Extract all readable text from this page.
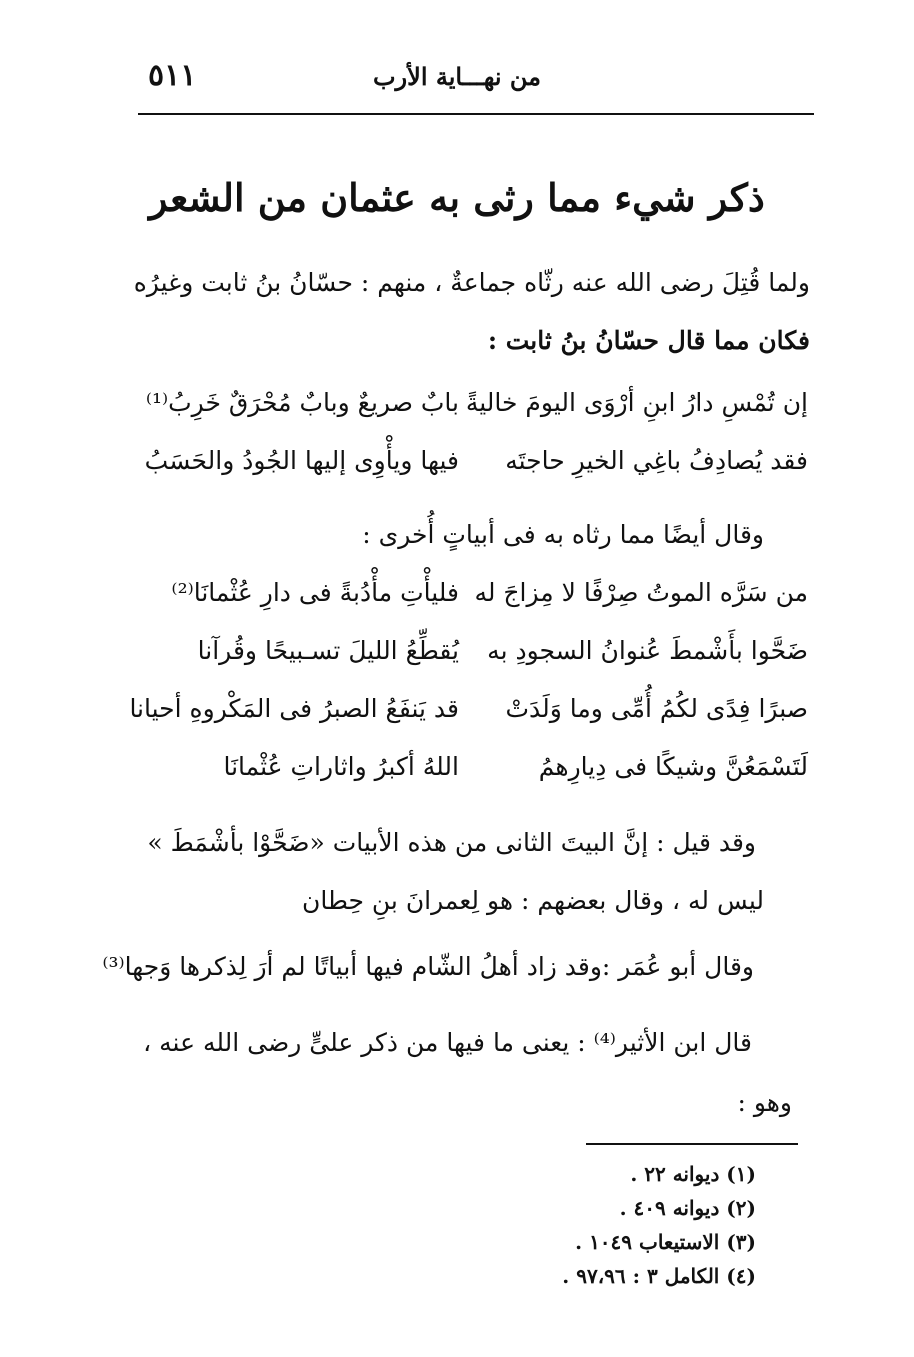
٥١١	من نهـــاية الأرب
ذكر شيء مما رثى به عثمان من الشعر
ولما قُتِلَ رضى الله عنه رثّاه جماعةٌ ، منهم : حسّانُ بنُ ثابت وغيرُه
فكان مما قال حسّانُ بنُ ثابت :
إن تُمْسِ دارُ ابنِ أرْوَى اليومَ خاليةً
بابٌ صريعٌ وبابٌ مُحْرَقٌ خَرِبُ⁽¹⁾
فقد يُصادِفُ باغِي الخيرِ حاجتَه
فيها ويأْوِى إليها الجُودُ والحَسَبُ
وقال أيضًا مما رثاه به فى أبياتٍ أُخرى :
من سَرَّه الموتُ صِرْفًا لا مِزاجَ له
فليأْتِ مأْدُبةً فى دارِ عُثْمانَا⁽²⁾
ضَحَّوا بأَشْمطَ عُنوانُ السجودِ به
يُقطِّعُ الليلَ تسـبيحًا وقُرآنا
صبرًا فِدًى لكُمُ أُمِّى وما وَلَدَتْ
قد يَنفَعُ الصبرُ فى المَكْروهِ أحيانا
لَتَسْمَعُنَّ وشيكًا فى دِيارِهمُ
اللهُ أكبرُ واثاراتِ عُثْمانَا
وقد قيل : إنَّ البيتَ الثانى من هذه الأبيات «ضَحَّوْا بأشْمَطَ »
ليس له ، وقال بعضهم : هو لِعمرانَ بنِ حِطان
وقال أبو عُمَر :وقد زاد أهلُ الشّام فيها أبياتًا لم أرَ لِذكرها وَجها⁽³⁾
قال ابن الأثير⁽⁴⁾ : يعنى ما فيها من ذكر علىٍّ رضى الله عنه ،
وهو :
(١) ديوانه ٢٢ .
(٢) ديوانه ٤٠٩ .
(٣) الاستيعاب ١٠٤٩ .
(٤) الكامل ٣ : ٩٧،٩٦ .
